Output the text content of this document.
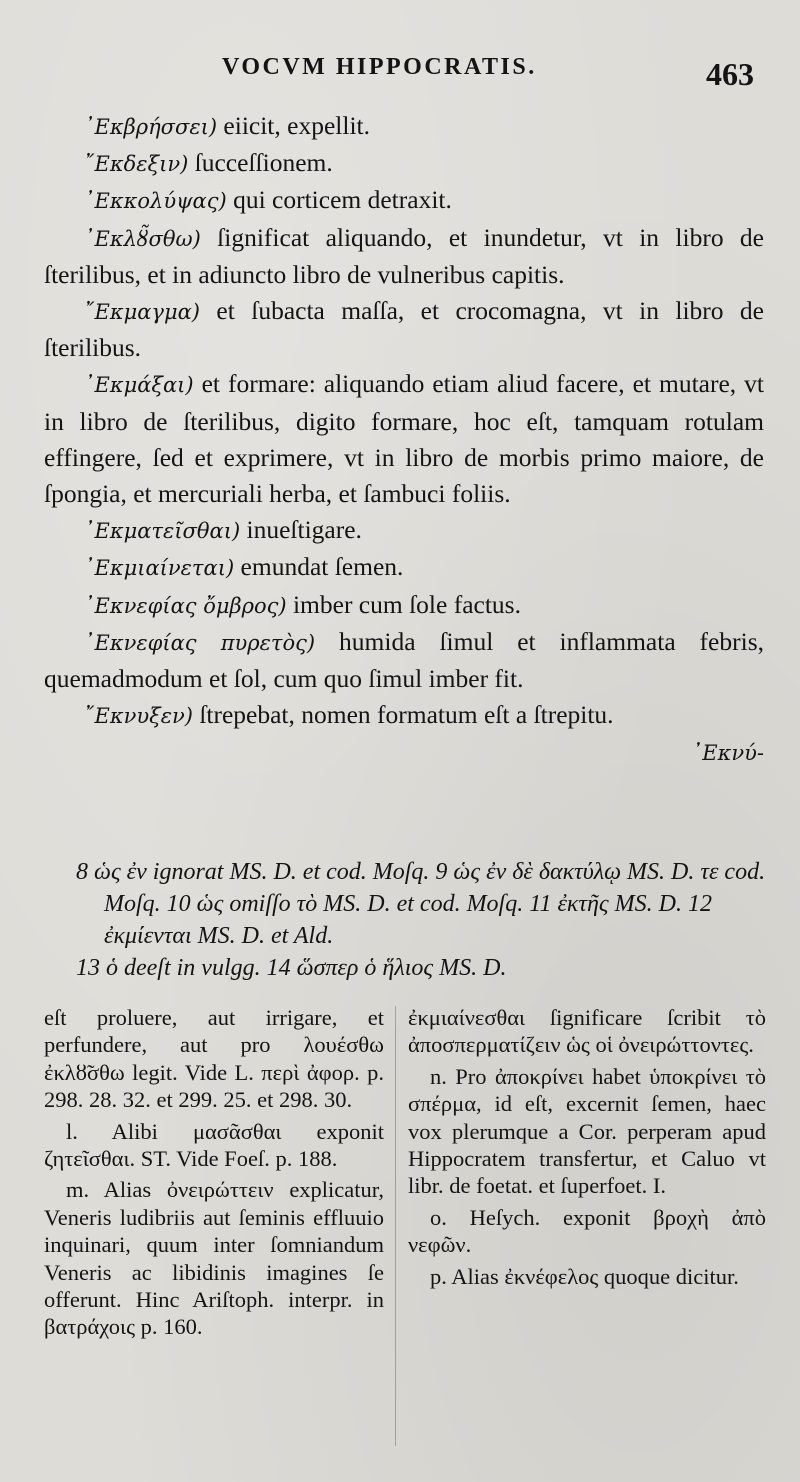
VOCVM HIPPOCRATIS.	463

᾿Εκβρήσσει) eiicit, expellit.

῎Εκδεξιν) ſucceſſionem.

᾿Εκκολύψας) qui corticem detraxit.

᾿Εκλȣ̃σθω) ſignificat aliquando, et inundetur, vt in libro de ſterilibus, et in adiuncto libro de vulneribus capitis.

῎Εκμαγμα) et ſubacta maſſa, et crocomagna, vt in libro de ſterilibus.

᾿Εκμάξαι) et formare: aliquando etiam aliud facere, et mutare, vt in libro de ſterilibus, digito formare, hoc eſt, tamquam rotulam effingere, ſed et exprimere, vt in libro de morbis primo maiore, de ſpongia, et mercuriali herba, et ſambuci foliis.

᾿Εκματεῖσθαι) inueſtigare.

᾿Εκμιαίνεται) emundat ſemen.

᾿Εκνεφίας ὄμβρος) imber cum ſole factus.

᾿Εκνεφίας πυρετὸς) humida ſimul et inflammata febris, quemadmodum et ſol, cum quo ſimul imber fit.

῎Εκνυξεν) ſtrepebat, nomen formatum eſt a ſtrepitu.

᾿Εκνύ-

8 ὡς ἐν ignorat MS. D. et cod. Moſq. 9 ὡς ἐν δὲ δακτύλῳ MS. D. τε cod. Moſq. 10 ὡς omiſſo τὸ MS. D. et cod. Moſq. 11 ἐκτῆς MS. D. 12 ἐκμίενται MS. D. et Ald.

13 ὁ deeſt in vulgg. 14 ὥσπερ ὁ ἥλιος MS. D.

eſt proluere, aut irrigare, et perfundere, aut pro λουέσθω ἐκλȣ̃σθω legit. Vide L. περὶ ἀφορ. p. 298. 28. 32. et 299. 25. et 298. 30.

l. Alibi μασᾶσθαι exponit ζητεῖσθαι. ST. Vide Foeſ. p. 188.

m. Alias ὀνειρώττειν explicatur, Veneris ludibriis aut ſeminis effluuio inquinari, quum inter ſomniandum Veneris ac libidinis imagines ſe offerunt. Hinc Ariſtoph. interpr. in βατράχοις p. 160.

ἐκμιαίνεσθαι ſignificare ſcribit τὸ ἀποσπερματίζειν ὡς οἱ ὀνειρώττοντες.

n. Pro ἀποκρίνει habet ὑποκρίνει τὸ σπέρμα, id eſt, excernit ſemen, haec vox plerumque a Cor. perperam apud Hippocratem transfertur, et Caluo vt libr. de foetat. et ſuperfoet. I.

o. Heſych. exponit βροχὴ ἀπὸ νεφῶν.

p. Alias ἐκνέφελος quoque dicitur.
